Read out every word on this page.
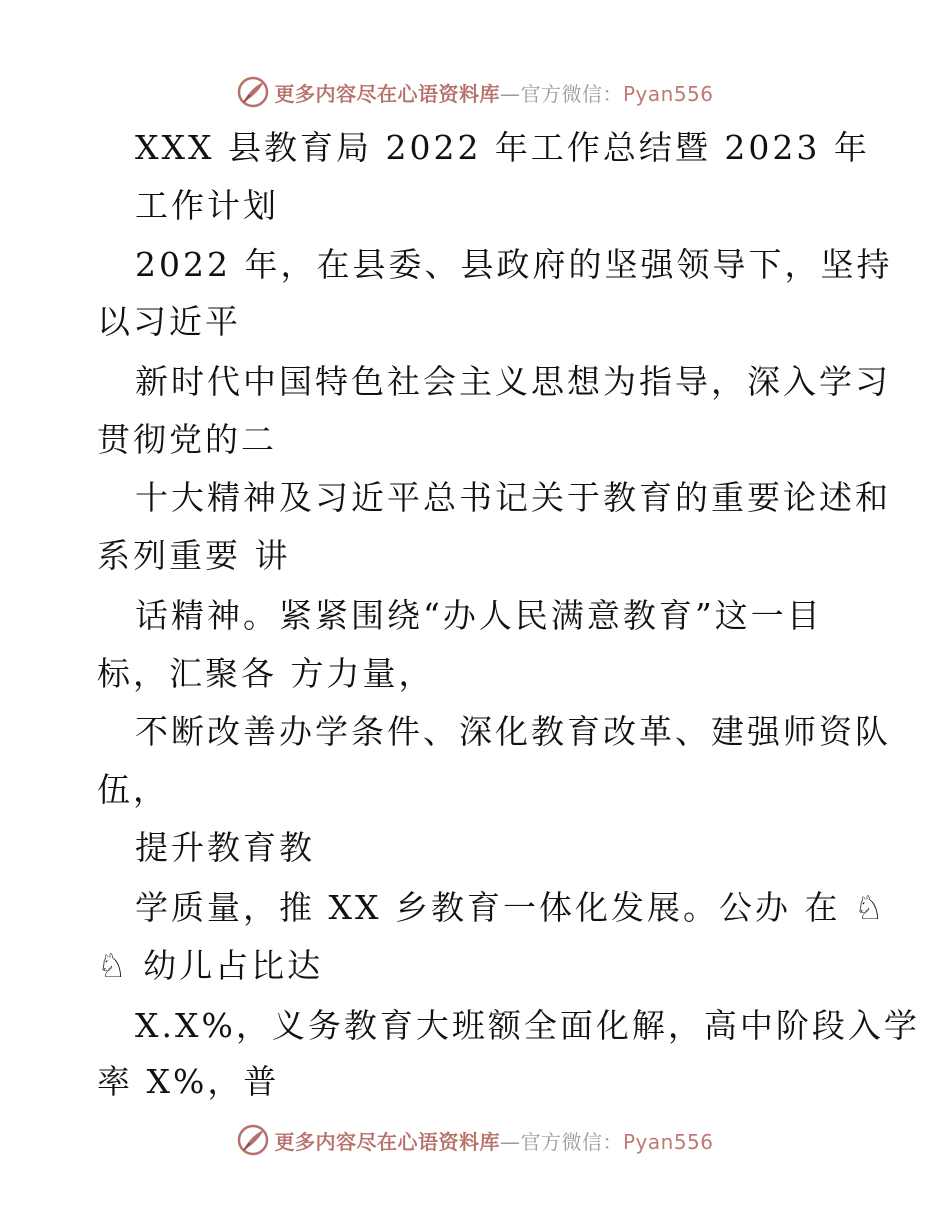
更多内容尽在心语资料库—官方微信：Pyan556
XXX 县教育局 2022 年工作总结暨 2023 年
工作计划
2022 年，在县委、县政府的坚强领导下，坚持
以习近平
新时代中国特色社会主义思想为指导，深入学习
贯彻党的二
十大精神及习近平总书记关于教育的重要论述和
系列重要 讲
话精神。紧紧围绕“办人民满意教育”这一目
标，汇聚各 方力量，
不断改善办学条件、深化教育改革、建强师资队
伍，
提升教育教
学质量，推 XX 乡教育一体化发展。公办 在 ♘
♘ 幼儿占比达
X.X%，义务教育大班额全面化解，高中阶段入学
率 X%，普
更多内容尽在心语资料库—官方微信：Pyan556
